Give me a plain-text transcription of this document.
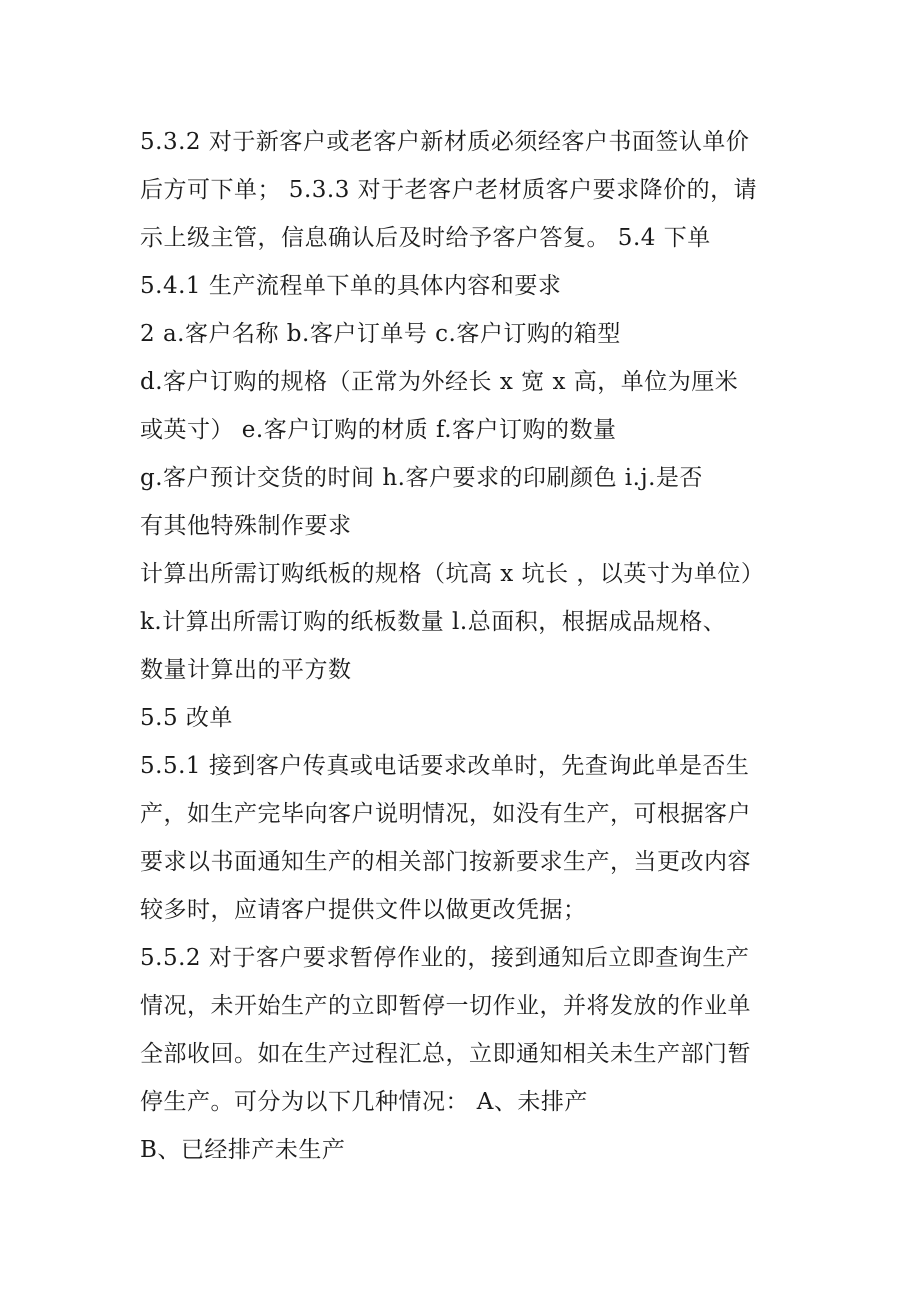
5.3.2 对于新客户或老客户新材质必须经客户书面签认单价
后方可下单； 5.3.3 对于老客户老材质客户要求降价的，请
示上级主管，信息确认后及时给予客户答复。 5.4 下单
5.4.1 生产流程单下单的具体内容和要求
2 a.客户名称 b.客户订单号 c.客户订购的箱型
d.客户订购的规格（正常为外经长 x 宽 x 高，单位为厘米
或英寸） e.客户订购的材质 f.客户订购的数量
g.客户预计交货的时间 h.客户要求的印刷颜色 i.j.是否
有其他特殊制作要求
计算出所需订购纸板的规格（坑高 x 坑长 ，以英寸为单位）
k.计算出所需订购的纸板数量 l.总面积，根据成品规格、
数量计算出的平方数
5.5 改单
5.5.1 接到客户传真或电话要求改单时，先查询此单是否生
产，如生产完毕向客户说明情况，如没有生产，可根据客户
要求以书面通知生产的相关部门按新要求生产，当更改内容
较多时，应请客户提供文件以做更改凭据；
5.5.2 对于客户要求暂停作业的，接到通知后立即查询生产
情况，未开始生产的立即暂停一切作业，并将发放的作业单
全部收回。如在生产过程汇总，立即通知相关未生产部门暂
停生产。可分为以下几种情况： A、未排产
B、已经排产未生产
